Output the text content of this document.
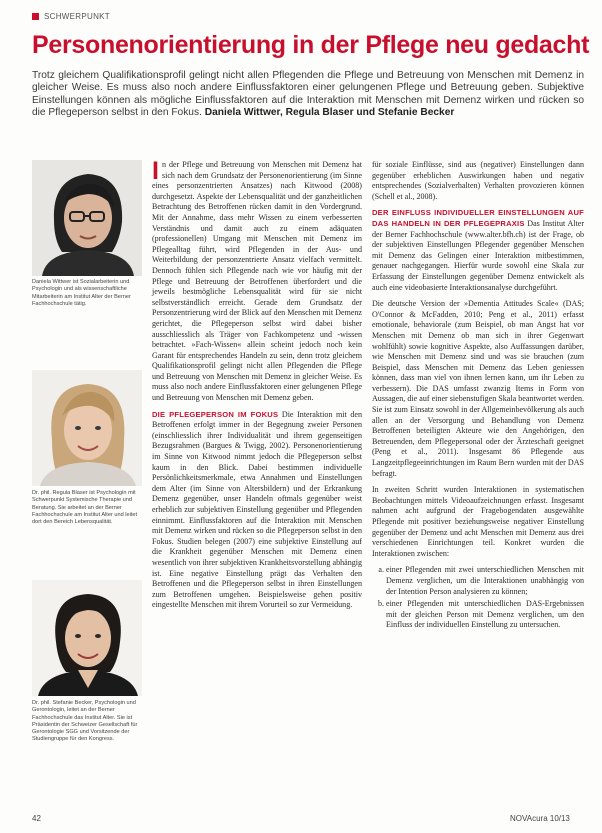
SCHWERPUNKT
Personenorientierung in der Pflege neu gedacht

Trotz gleichem Qualifikationsprofil gelingt nicht allen Pflegenden die Pflege und Betreuung von Menschen mit Demenz in gleicher Weise. Es muss also noch andere Einflussfaktoren einer gelungenen Pflege und Betreuung geben. Subjektive Einstellungen können als mögliche Einflussfaktoren auf die Interaktion mit Menschen mit Demenz wirken und rücken so die Pflegeperson selbst in den Fokus. Daniela Wittwer, Regula Blaser und Stefanie Becker

Daniela Wittwer ist Sozialarbeiterin und Psychologin und als wissenschaftliche Mitarbeiterin am Institut Alter der Berner Fachhochschule tätig.

Dr. phil. Regula Blaser ist Psychologin mit Schwerpunkt Systemische Therapie und Beratung. Sie arbeitet an der Berner Fachhochschule am Institut Alter und leitet dort den Bereich Lebensqualität.

Dr. phil. Stefanie Becker, Psychologin und Gerontologin, leitet an der Berner Fachhochschule das Institut Alter. Sie ist Präsidentin der Schweizer Gesellschaft für Gerontologie SGG und Vorsitzende der Studiengruppe für den Kongress.

In der Pflege und Betreuung von Menschen mit Demenz hat sich nach dem Grundsatz der Personenorientierung (im Sinne eines personzentrierten Ansatzes) nach Kitwood (2008) durchgesetzt. Aspekte der Lebensqualität und der ganzheitlichen Betrachtung des Betroffenen rücken damit in den Vordergrund. Mit der Annahme, dass mehr Wissen zu einem verbesserten Verständnis und damit auch zu einem adäquaten (professionellen) Umgang mit Menschen mit Demenz im Pflegealltag führt, wird Pflegenden in der Aus- und Weiterbildung der personzentrierte Ansatz vielfach vermittelt. Dennoch fühlen sich Pflegende nach wie vor häufig mit der Pflege und Betreuung der Betroffenen überfordert und die jeweils bestmögliche Lebensqualität wird für sie nicht selbstverständlich erreicht. Gerade dem Grundsatz der Personzentrierung wird der Blick auf den Menschen mit Demenz gerichtet, die Pflegeperson selbst wird dabei bisher ausschliesslich als Träger von Fachkompetenz und -wissen betrachtet. »Fach-Wissen« allein scheint jedoch noch kein Garant für entsprechendes Handeln zu sein, denn trotz gleichem Qualifikationsprofil gelingt nicht allen Pflegenden die Pflege und Betreuung von Menschen mit Demenz in gleicher Weise. Es muss also noch andere Einflussfaktoren einer gelungenen Pflege und Betreuung von Menschen mit Demenz geben.

DIE PFLEGEPERSON IM FOKUS Die Interaktion mit den Betroffenen erfolgt immer in der Begegnung zweier Personen (einschliesslich ihrer Individualität und ihrem gegenseitigen Bezugsrahmen (Bargues & Twigg, 2002). Personenorientierung im Sinne von Kitwood nimmt jedoch die Pflegeperson selbst kaum in den Blick. Dabei bestimmen individuelle Persönlichkeitsmerkmale, etwa Annahmen und Einstellungen dem Alter (im Sinne von Altersbildern) und der Erkrankung Demenz gegenüber, unser Handeln oftmals gegenüber weist erheblich zur subjektiven Einstellung gegenüber und Pflegenden einnimmt. Einflussfaktoren auf die Interaktion mit Menschen mit Demenz wirken und rücken so die Pflegeperson selbst in den Fokus. Studien belegen (2007) eine subjektive Einstellung auf die Krankheit gegenüber Menschen mit Demenz einen wesentlich von ihrer subjektiven Krankheitsvorstellung abhängig ist. Eine negative Einstellung prägt das Verhalten den Betroffenen und die Pflegeperson selbst in ihren Einstellungen zum Betroffenen umgehen. Beispielsweise gehen positiv eingestellte Menschen mit ihrem Vorurteil so zur Vermeidung.

für soziale Einflüsse, sind aus (negativer) Einstellungen dann gegenüber erheblichen Auswirkungen haben und negativ entsprechendes (Sozialverhalten) Verhalten provozieren können (Schell et al., 2008).

DER EINFLUSS INDIVIDUELLER EINSTELLUNGEN AUF DAS HANDELN IN DER PFLEGEPRAXIS Das Institut Alter der Berner Fachhochschule (www.alter.bfh.ch) ist der Frage, ob der subjektiven Einstellungen Pflegender gegenüber Menschen mit Demenz das Gelingen einer Interaktion mitbestimmen, genauer nachgegangen. Hierfür wurde sowohl eine Skala zur Erfassung der Einstellungen gegenüber Demenz entwickelt als auch eine videobasierte Interaktionsanalyse durchgeführt.

Die deutsche Version der »Dementia Attitudes Scale« (DAS; O'Connor & McFadden, 2010; Peng et al., 2011) erfasst emotionale, behaviorale (zum Beispiel, ob man Angst hat vor Menschen mit Demenz ob man sich in ihrer Gegenwart wohlfühlt) sowie kognitive Aspekte, also Auffassungen darüber, wie Menschen mit Demenz sind und was sie brauchen (zum Beispiel, dass Menschen mit Demenz das Leben geniessen können, dass man viel von ihnen lernen kann, um ihr Leben zu verbessern). Die DAS umfasst zwanzig Items in Form von Aussagen, die auf einer siebenstufigen Skala beantwortet werden. Sie ist zum Einsatz sowohl in der Allgemeinbevölkerung als auch allen an der Versorgung und Behandlung von Demenz Betroffenen beteiligten Akteure wie den Angehörigen, den Betreuenden, dem Pflegepersonal oder der Ärzteschaft geeignet (Peng et al., 2011). Insgesamt 86 Pflegende aus Langzeitpflegeeinrichtungen im Raum Bern wurden mit der DAS befragt.

In zweiten Schritt wurden Interaktionen in systematischen Beobachtungen mittels Videoaufzeichnungen erfasst. Insgesamt nahmen acht aufgrund der Fragebogendaten ausgewählte Pflegende mit positiver beziehungsweise negativer Einstellung gegenüber der Demenz und acht Menschen mit Demenz aus drei verschiedenen Einrichtungen teil. Konkret wurden die Interaktionen zwischen:

a. einer Pflegenden mit zwei unterschiedlichen Menschen mit Demenz verglichen, um die Interaktionen unabhängig von der Intention Person analysieren zu können;
b. einer Pflegenden mit unterschiedlichen DAS-Ergebnissen mit der gleichen Person mit Demenz verglichen, um den Einfluss der individuellen Einstellung zu untersuchen.
42	NOVAcura 10/13
